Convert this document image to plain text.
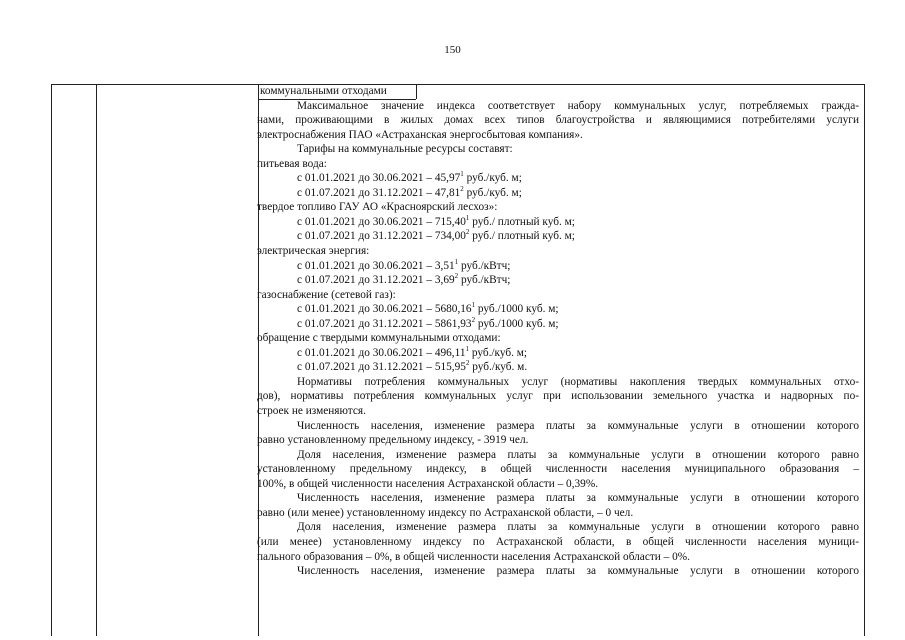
150
коммунальными отходами
Максимальное значение индекса соответствует набору коммунальных услуг, потребляемых гражда-
нами, проживающими в жилых домах всех типов благоустройства и являющимися потребителями услуги
электроснабжения ПАО «Астраханская энергосбытовая компания».
Тарифы на коммунальные ресурсы составят:
питьевая вода:
с 01.01.2021 до 30.06.2021 – 45,97$^1$ руб./куб. м;
с 01.07.2021 до 31.12.2021 – 47,81$^2$ руб./куб. м;
твердое топливо ГАУ АО «Красноярский лесхоз»:
с 01.01.2021 до 30.06.2021 – 715,40$^1$ руб./ плотный куб. м;
с 01.07.2021 до 31.12.2021 – 734,00$^2$ руб./ плотный куб. м;
электрическая энергия:
с 01.01.2021 до 30.06.2021 – 3,51$^1$ руб./кВтч;
с 01.07.2021 до 31.12.2021 – 3,69$^2$ руб./кВтч;
газоснабжение (сетевой газ):
с 01.01.2021 до 30.06.2021 – 5680,16$^1$ руб./1000 куб. м;
с 01.07.2021 до 31.12.2021 – 5861,93$^2$ руб./1000 куб. м;
обращение с твердыми коммунальными отходами:
с 01.01.2021 до 30.06.2021 – 496,11$^1$ руб./куб. м;
с 01.07.2021 до 31.12.2021 – 515,95$^2$ руб./куб. м.
Нормативы потребления коммунальных услуг (нормативы накопления твердых коммунальных отхо-
дов), нормативы потребления коммунальных услуг при использовании земельного участка и надворных по-
строек не изменяются.
Численность населения, изменение размера платы за коммунальные услуги в отношении которого
равно установленному предельному индексу, - 3919 чел.
Доля населения, изменение размера платы за коммунальные услуги в отношении которого равно
установленному предельному индексу, в общей численности населения муниципального образования –
100%, в общей численности населения Астраханской области – 0,39%.
Численность населения, изменение размера платы за коммунальные услуги в отношении которого
равно (или менее) установленному индексу по Астраханской области, – 0 чел.
Доля населения, изменение размера платы за коммунальные услуги в отношении которого равно
(или менее) установленному индексу по Астраханской области, в общей численности населения муници-
пального образования – 0%, в общей численности населения Астраханской области – 0%.
Численность населения, изменение размера платы за коммунальные услуги в отношении которого
